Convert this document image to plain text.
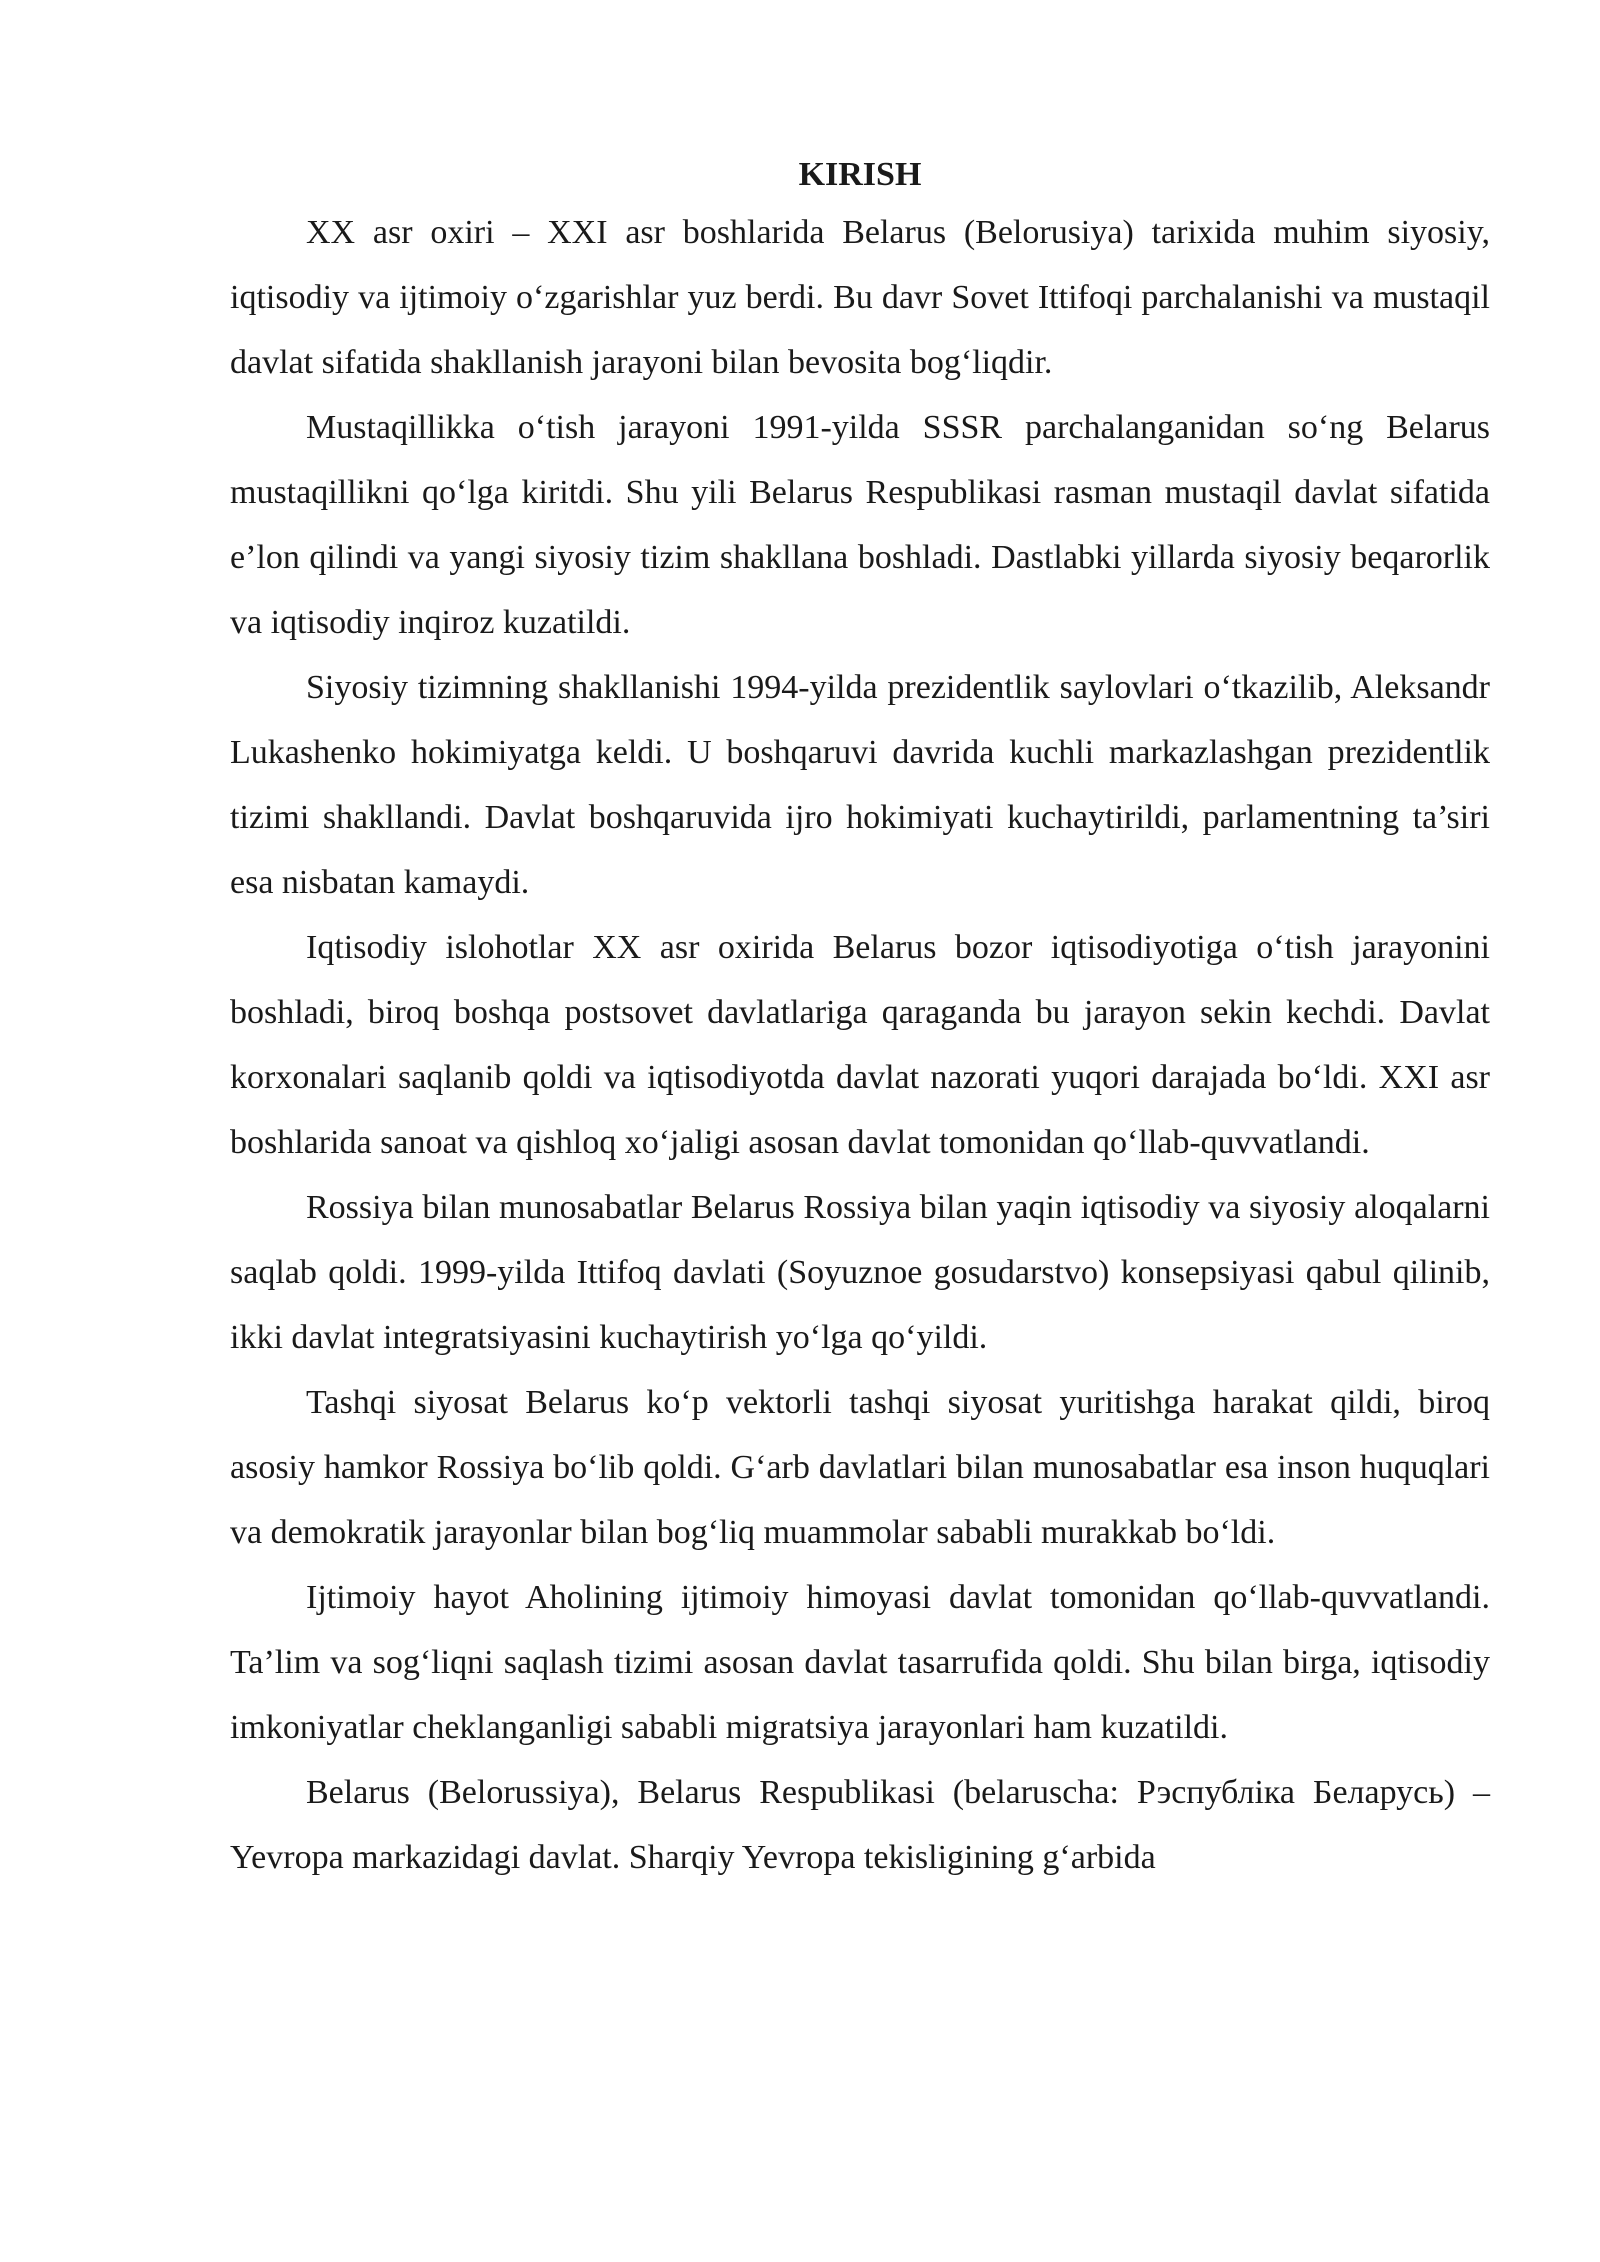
KIRISH

XX asr oxiri – XXI asr boshlarida Belarus (Belorusiya) tarixida muhim siyosiy, iqtisodiy va ijtimoiy oʻzgarishlar yuz berdi. Bu davr Sovet Ittifoqi parchalanishi va mustaqil davlat sifatida shakllanish jarayoni bilan bevosita bogʻliqdir.

Mustaqillikka oʻtish jarayoni 1991-yilda SSSR parchalanganidan soʻng Belarus mustaqillikni qoʻlga kiritdi. Shu yili Belarus Respublikasi rasman mustaqil davlat sifatida e’lon qilindi va yangi siyosiy tizim shakllana boshladi. Dastlabki yillarda siyosiy beqarorlik va iqtisodiy inqiroz kuzatildi.

Siyosiy tizimning shakllanishi 1994-yilda prezidentlik saylovlari oʻtkazilib, Aleksandr Lukashenko hokimiyatga keldi. U boshqaruvi davrida kuchli markazlashgan prezidentlik tizimi shakllandi. Davlat boshqaruvida ijro hokimiyati kuchaytirildi, parlamentning ta’siri esa nisbatan kamaydi.

Iqtisodiy islohotlar XX asr oxirida Belarus bozor iqtisodiyotiga oʻtish jarayonini boshladi, biroq boshqa postsovet davlatlariga qaraganda bu jarayon sekin kechdi. Davlat korxonalari saqlanib qoldi va iqtisodiyotda davlat nazorati yuqori darajada boʻldi. XXI asr boshlarida sanoat va qishloq xoʻjaligi asosan davlat tomonidan qoʻllab-quvvatlandi.

Rossiya bilan munosabatlar Belarus Rossiya bilan yaqin iqtisodiy va siyosiy aloqalarni saqlab qoldi. 1999-yilda Ittifoq davlati (Soyuznoe gosudarstvo) konsepsiyasi qabul qilinib, ikki davlat integratsiyasini kuchaytirish yoʻlga qoʻyildi.

Tashqi siyosat Belarus koʻp vektorli tashqi siyosat yuritishga harakat qildi, biroq asosiy hamkor Rossiya boʻlib qoldi. Gʻarb davlatlari bilan munosabatlar esa inson huquqlari va demokratik jarayonlar bilan bogʻliq muammolar sababli murakkab boʻldi.

Ijtimoiy hayot Aholining ijtimoiy himoyasi davlat tomonidan qoʻllab-quvvatlandi. Ta’lim va sogʻliqni saqlash tizimi asosan davlat tasarrufida qoldi. Shu bilan birga, iqtisodiy imkoniyatlar cheklanganligi sababli migratsiya jarayonlari ham kuzatildi.

Belarus (Belorussiya), Belarus Respublikasi (belaruscha: Рэспубліка Беларусь) – Yevropa markazidagi davlat. Sharqiy Yevropa tekisligining gʻarbida
